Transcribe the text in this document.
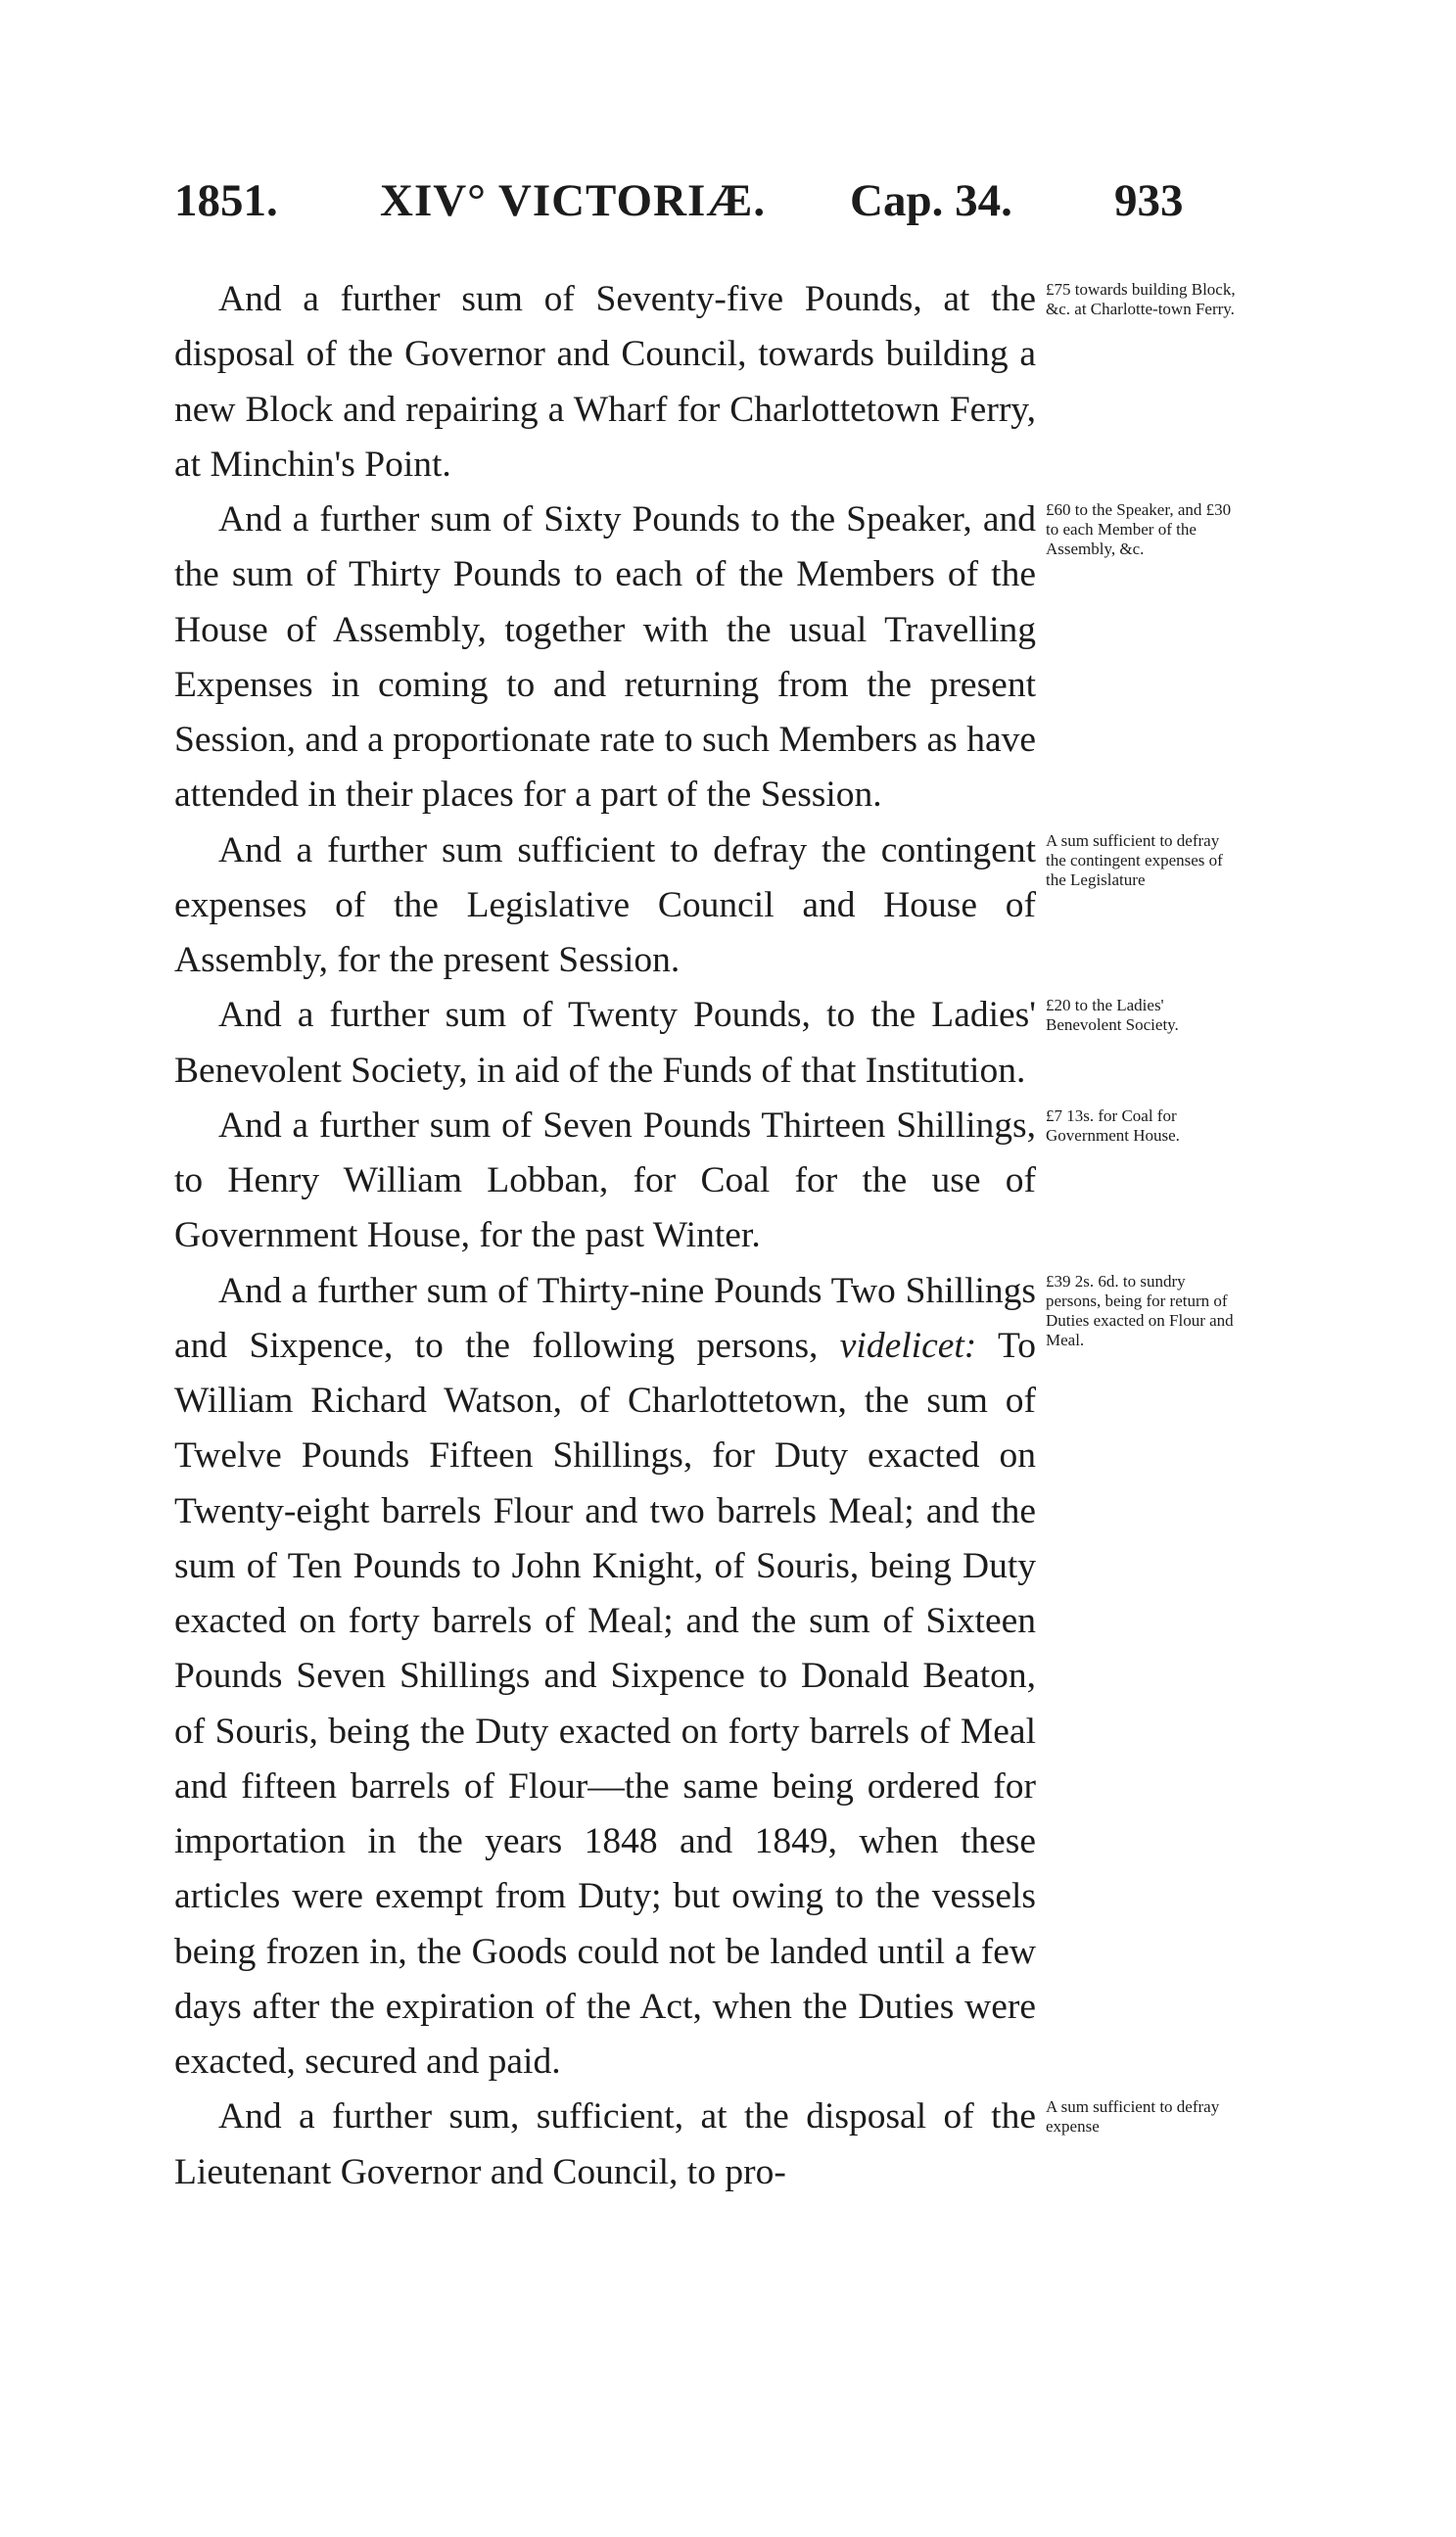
1851. XIV° VICTORIÆ. Cap. 34. 933

And a further sum of Seventy-five Pounds, at the disposal of the Governor and Council, towards building a new Block and repairing a Wharf for Charlottetown Ferry, at Minchin's Point.

And a further sum of Sixty Pounds to the Speaker, and the sum of Thirty Pounds to each of the Members of the House of Assembly, together with the usual Travelling Expenses in coming to and returning from the present Session, and a proportionate rate to such Members as have attended in their places for a part of the Session.

And a further sum sufficient to defray the contingent expenses of the Legislative Council and House of Assembly, for the present Session.

And a further sum of Twenty Pounds, to the Ladies' Benevolent Society, in aid of the Funds of that Institution.

And a further sum of Seven Pounds Thirteen Shillings, to Henry William Lobban, for Coal for the use of Government House, for the past Winter.

And a further sum of Thirty-nine Pounds Two Shillings and Sixpence, to the following persons, videlicet: To William Richard Watson, of Charlottetown, the sum of Twelve Pounds Fifteen Shillings, for Duty exacted on Twenty-eight barrels Flour and two barrels Meal; and the sum of Ten Pounds to John Knight, of Souris, being Duty exacted on forty barrels of Meal; and the sum of Sixteen Pounds Seven Shillings and Sixpence to Donald Beaton, of Souris, being the Duty exacted on forty barrels of Meal and fifteen barrels of Flour—the same being ordered for importation in the years 1848 and 1849, when these articles were exempt from Duty; but owing to the vessels being frozen in, the Goods could not be landed until a few days after the expiration of the Act, when the Duties were exacted, secured and paid.

And a further sum, sufficient, at the disposal of the Lieutenant Governor and Council, to pro-

£75 towards building Block, &c. at Charlotte-town Ferry.
£60 to the Speaker, and £30 to each Member of the Assembly, &c.
A sum sufficient to defray the contingent expenses of the Legislature
£20 to the Ladies' Benevolent Society.
£7 13s. for Coal for Government House.
£39 2s. 6d. to sundry persons, being for return of Duties exacted on Flour and Meal.
A sum sufficient to defray expense
